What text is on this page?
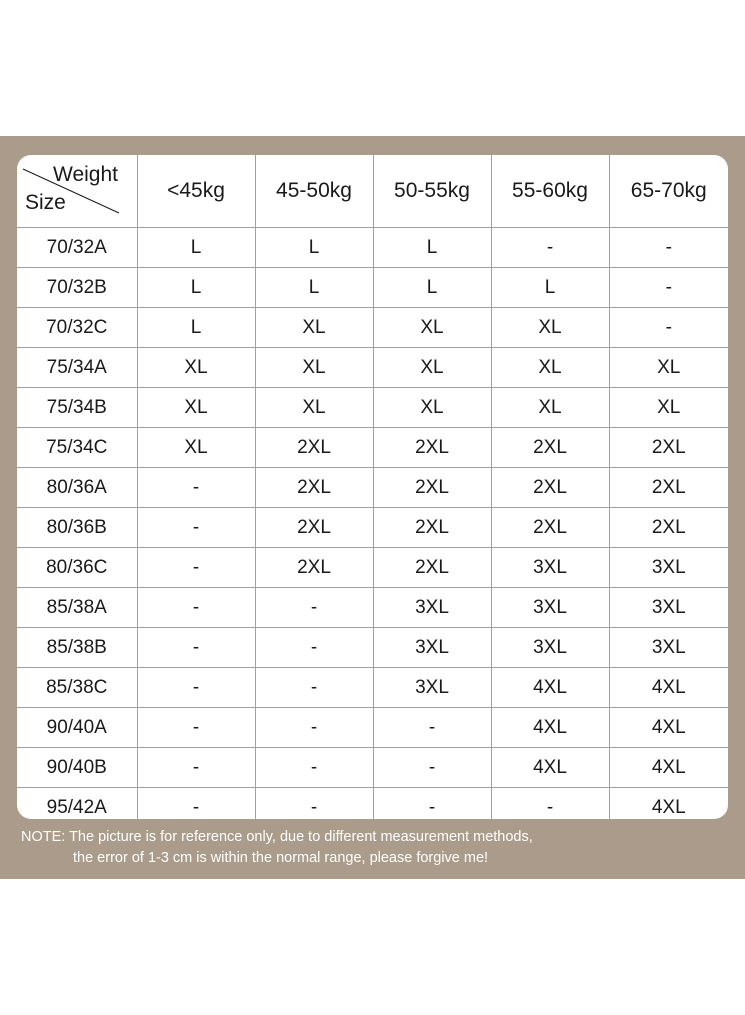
Weight
Size	<45kg	45-50kg	50-55kg	55-60kg	65-70kg
70/32A	L	L	L	-	-
70/32B	L	L	L	L	-
70/32C	L	XL	XL	XL	-
75/34A	XL	XL	XL	XL	XL
75/34B	XL	XL	XL	XL	XL
75/34C	XL	2XL	2XL	2XL	2XL
80/36A	-	2XL	2XL	2XL	2XL
80/36B	-	2XL	2XL	2XL	2XL
80/36C	-	2XL	2XL	3XL	3XL
85/38A	-	-	3XL	3XL	3XL
85/38B	-	-	3XL	3XL	3XL
85/38C	-	-	3XL	4XL	4XL
90/40A	-	-	-	4XL	4XL
90/40B	-	-	-	4XL	4XL
95/42A	-	-	-	-	4XL
NOTE: The picture is for reference only, due to different measurement methods,
the error of 1-3 cm is within the normal range, please forgive me!
